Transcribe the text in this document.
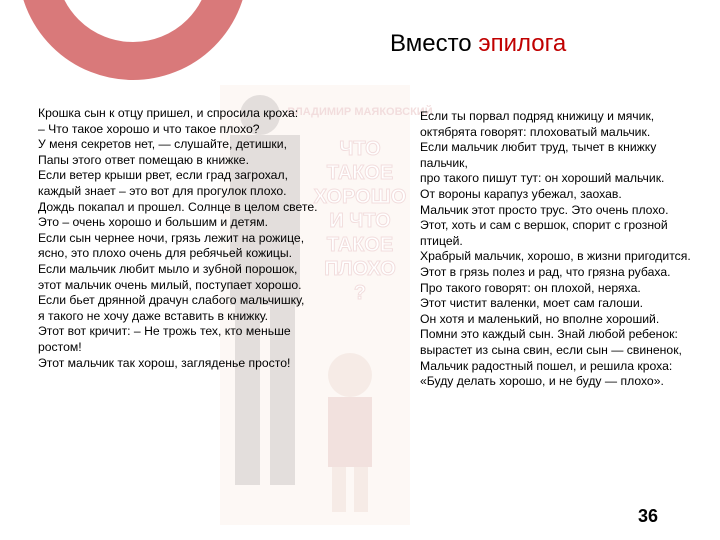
ВЛАДИМИР МАЯКОВСКИЙ
ЧТО
ТАКОЕ
ХОРОШО
И ЧТО
ТАКОЕ
ПЛОХО
?
Вместо эпилога
Крошка сын к отцу пришел, и спросила кроха:
– Что такое хорошо и что такое плохо?
У меня секретов нет, — слушайте, детишки,
Папы этого ответ помещаю в книжке.
Если ветер крыши рвет, если град загрохал,
каждый знает – это вот для прогулок плохо.
Дождь покапал и прошел. Солнце в целом свете.
Это – очень хорошо и большим и детям.
Если сын чернее ночи, грязь лежит на рожице,
ясно, это плохо очень для ребячьей кожицы.
Если мальчик любит мыло и зубной порошок,
этот мальчик очень милый, поступает хорошо.
Если бьет дрянной драчун слабого мальчишку,
я такого не хочу даже вставить в книжку.
Этот вот кричит: – Не трожь тех, кто меньше ростом!
Этот мальчик так хорош, загляденье просто!
Если ты порвал подряд книжицу и мячик,
октябрята говорят: плоховатый мальчик.
Если мальчик любит труд, тычет в книжку пальчик,
про такого пишут тут: он хороший мальчик.
От вороны карапуз убежал, заохав.
Мальчик этот просто трус. Это очень плохо.
Этот, хоть и сам с вершок, спорит с грозной птицей.
Храбрый мальчик, хорошо, в жизни пригодится.
Этот в грязь полез и рад, что грязна рубаха.
Про такого говорят: он плохой, неряха.
Этот чистит валенки, моет сам галоши.
Он хотя и маленький, но вполне хороший.
Помни это каждый сын. Знай любой ребенок:
вырастет из сына свин, если сын — свиненок,
Мальчик радостный пошел, и решила кроха:
«Буду делать хорошо, и не буду — плохо».
36
